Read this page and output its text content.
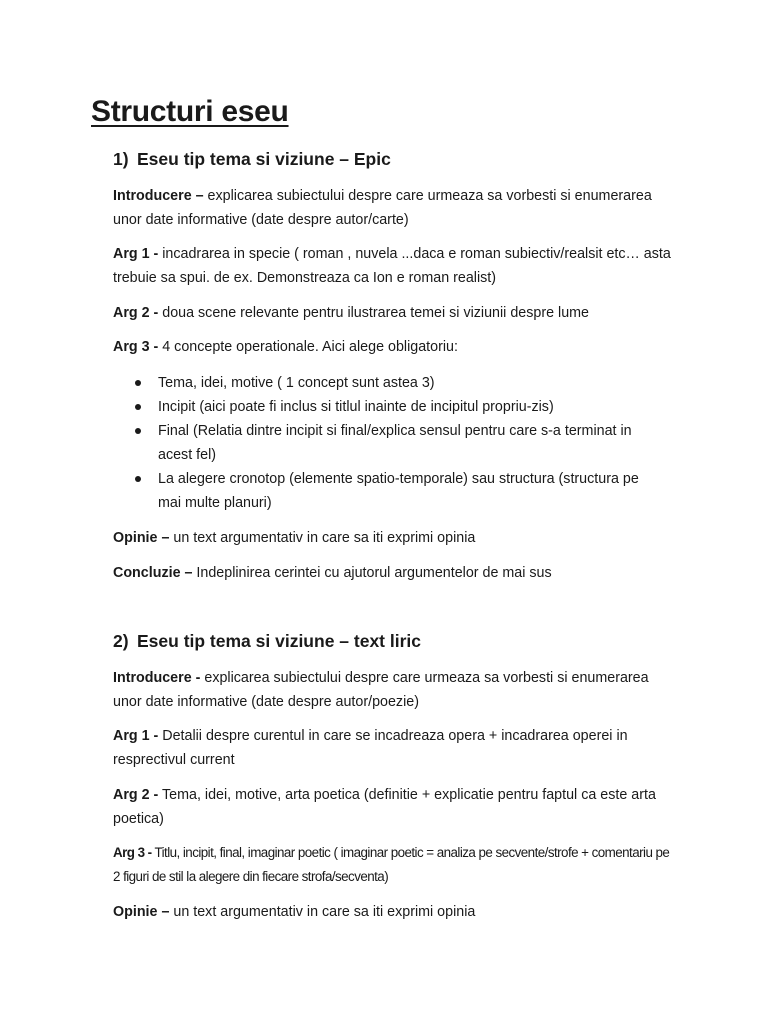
Structuri eseu
1) Eseu tip tema si viziune – Epic

Introducere – explicarea subiectului despre care urmeaza sa vorbesti si enumerarea unor date informative (date despre autor/carte)

Arg 1 - incadrarea in specie ( roman , nuvela ...daca e roman subiectiv/realsit etc… asta trebuie sa spui. de ex. Demonstreaza ca Ion e roman realist)

Arg 2 - doua scene relevante pentru ilustrarea temei si viziunii despre lume

Arg 3 - 4 concepte operationale. Aici alege obligatoriu:

Tema, idei, motive ( 1 concept sunt astea 3)
Incipit (aici poate fi inclus si titlul inainte de incipitul propriu-zis)
Final (Relatia dintre incipit si final/explica sensul pentru care s-a terminat in acest fel)
La alegere cronotop (elemente spatio-temporale) sau structura (structura pe mai multe planuri)

Opinie – un text argumentativ in care sa iti exprimi opinia

Concluzie – Indeplinirea cerintei cu ajutorul argumentelor de mai sus

2) Eseu tip tema si viziune – text liric

Introducere - explicarea subiectului despre care urmeaza sa vorbesti si enumerarea unor date informative (date despre autor/poezie)

Arg 1 - Detalii despre curentul in care se incadreaza opera + incadrarea operei in resprectivul current

Arg 2 - Tema, idei, motive, arta poetica (definitie + explicatie pentru faptul ca este arta poetica)

Arg 3 - Titlu, incipit, final, imaginar poetic ( imaginar poetic = analiza pe secvente/strofe + comentariu pe 2 figuri de stil la alegere din fiecare strofa/secventa)

Opinie – un text argumentativ in care sa iti exprimi opinia
